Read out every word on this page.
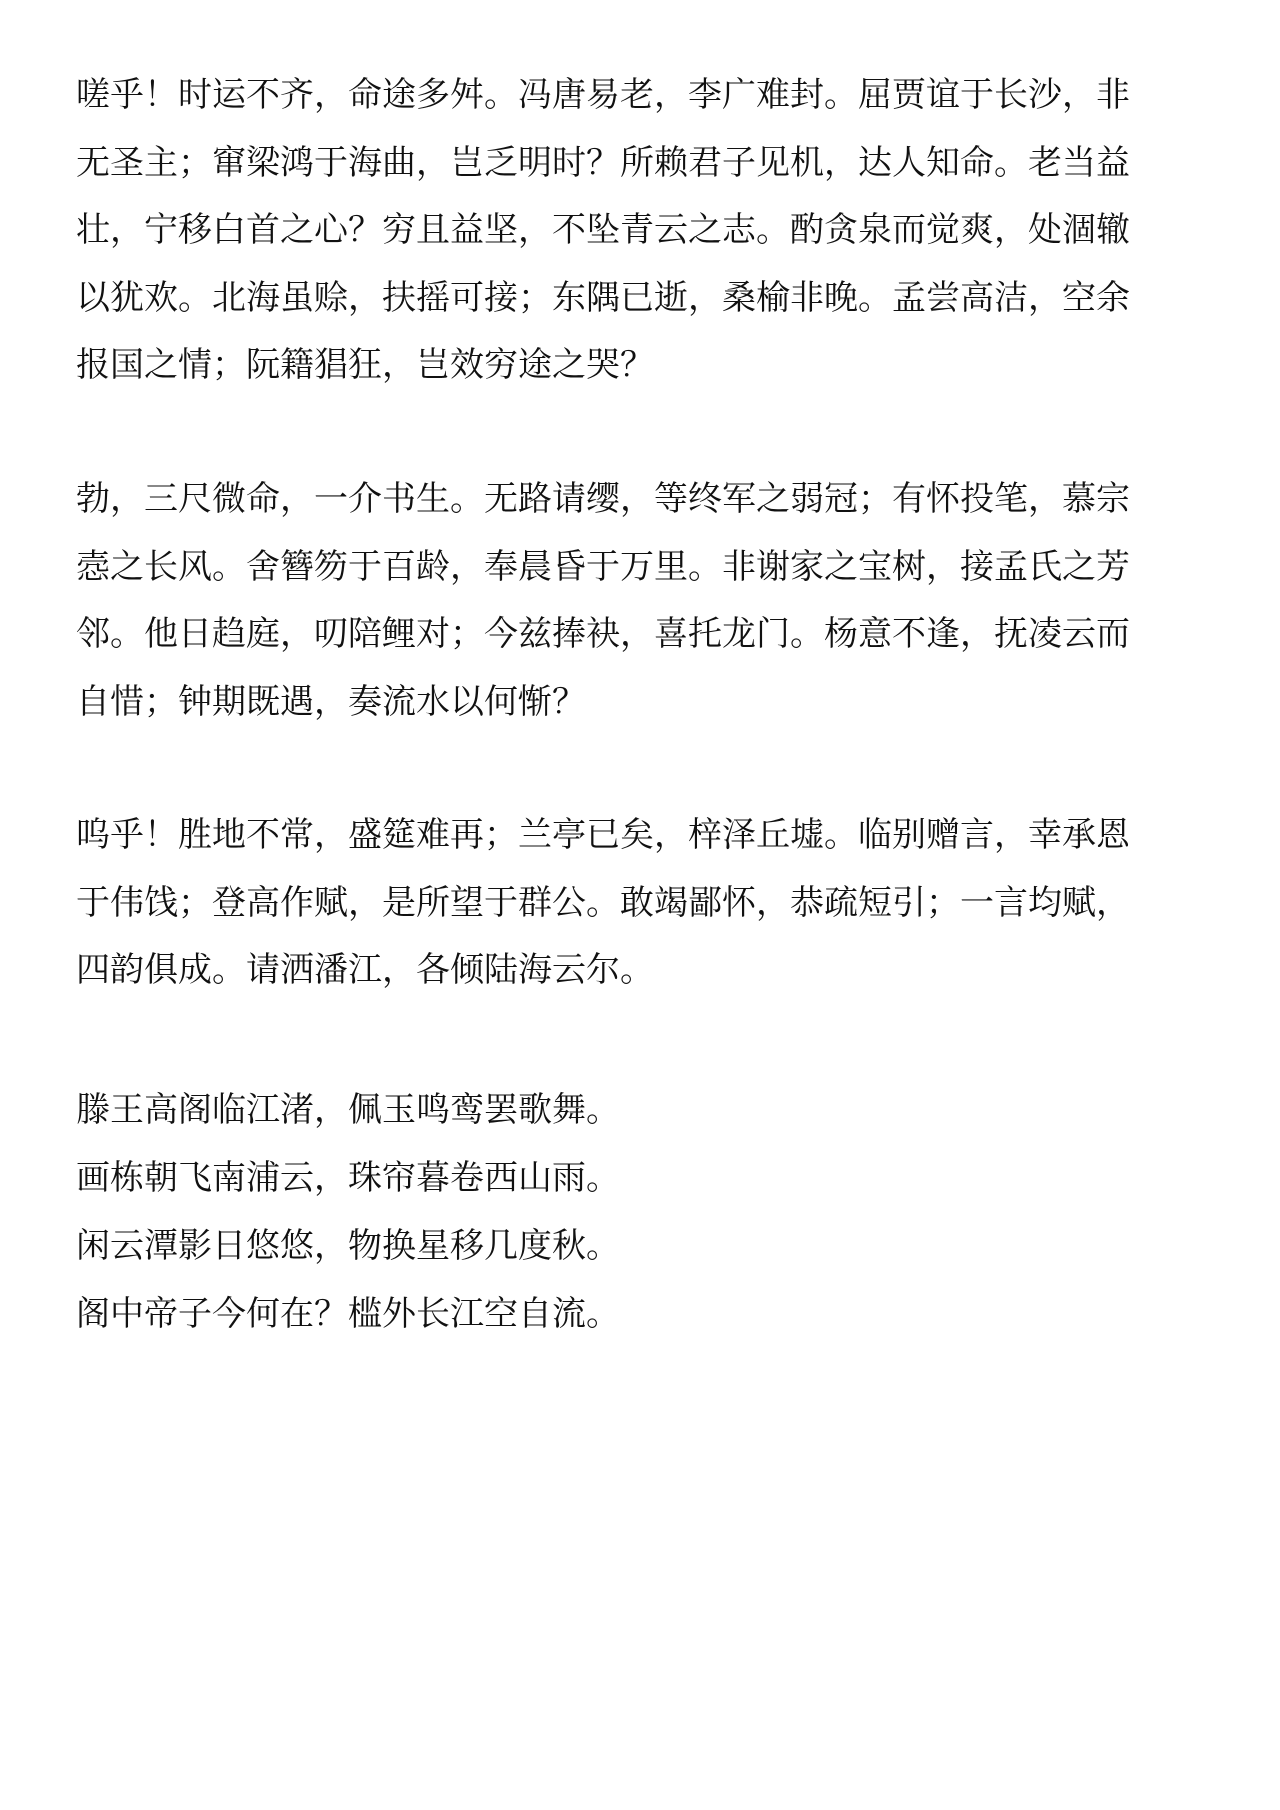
嗟乎！时运不齐，命途多舛。冯唐易老，李广难封。屈贾谊于长沙，非
无圣主；窜梁鸿于海曲，岂乏明时？所赖君子见机，达人知命。老当益
壮，宁移白首之心？穷且益坚，不坠青云之志。酌贪泉而觉爽，处涸辙
以犹欢。北海虽赊，扶摇可接；东隅已逝，桑榆非晚。孟尝高洁，空余
报国之情；阮籍猖狂，岂效穷途之哭？

勃，三尺微命，一介书生。无路请缨，等终军之弱冠；有怀投笔，慕宗
悫之长风。舍簪笏于百龄，奉晨昏于万里。非谢家之宝树，接孟氏之芳
邻。他日趋庭，叨陪鲤对；今兹捧袂，喜托龙门。杨意不逢，抚凌云而
自惜；钟期既遇，奏流水以何惭？

呜乎！胜地不常，盛筵难再；兰亭已矣，梓泽丘墟。临别赠言，幸承恩
于伟饯；登高作赋，是所望于群公。敢竭鄙怀，恭疏短引；一言均赋，
四韵俱成。请洒潘江，各倾陆海云尔。

滕王高阁临江渚，佩玉鸣鸾罢歌舞。
画栋朝飞南浦云，珠帘暮卷西山雨。
闲云潭影日悠悠，物换星移几度秋。
阁中帝子今何在？槛外长江空自流。
